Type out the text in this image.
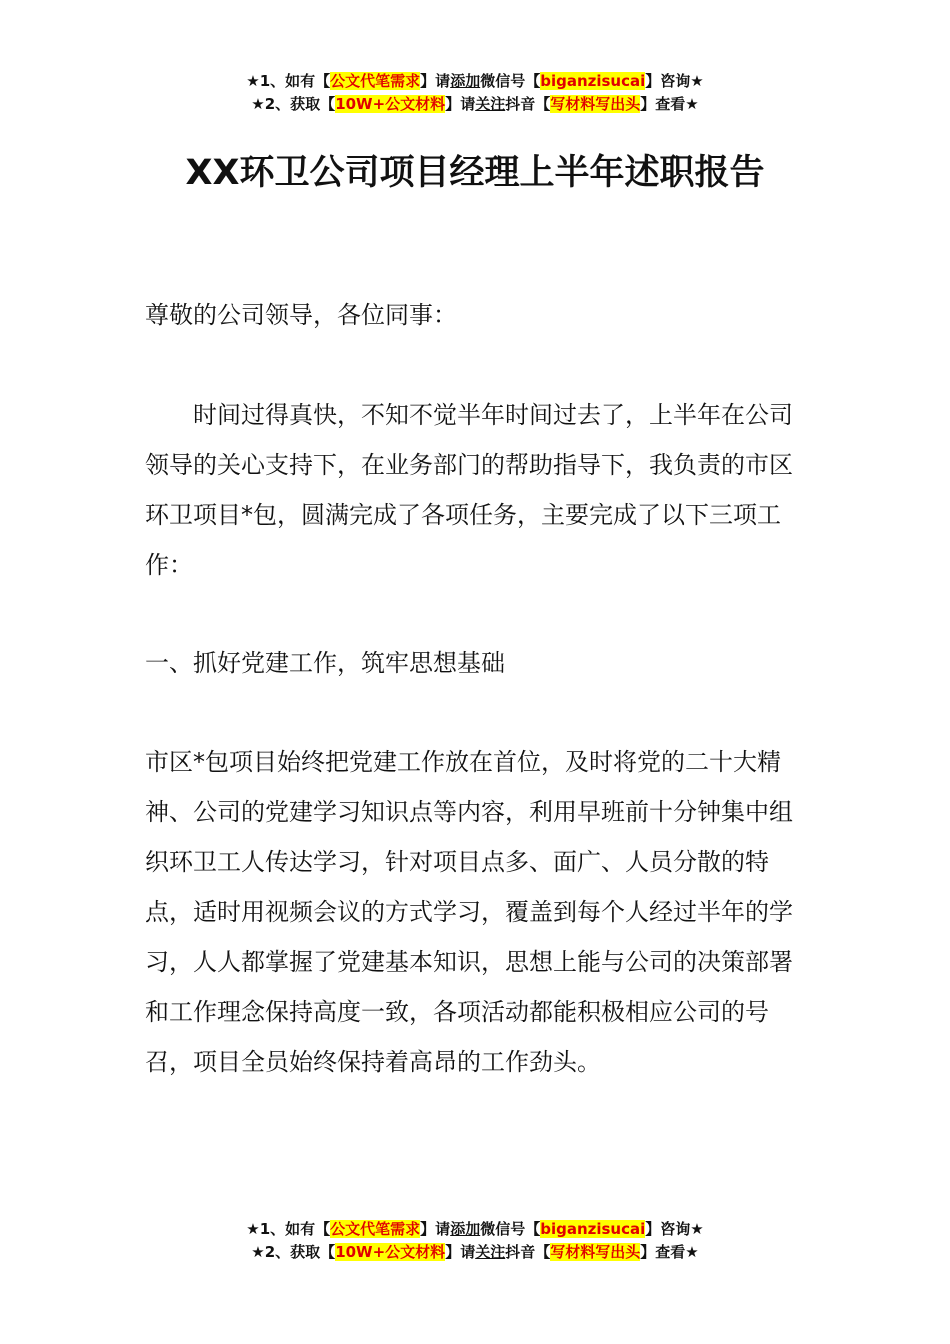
★1、如有【公文代笔需求】请添加微信号【biganzisucai】咨询★
★2、获取【10W+公文材料】请关注抖音【写材料写出头】查看★
XX环卫公司项目经理上半年述职报告

尊敬的公司领导，各位同事：

时间过得真快，不知不觉半年时间过去了，上半年在公司领导的关心支持下，在业务部门的帮助指导下，我负责的市区环卫项目*包，圆满完成了各项任务，主要完成了以下三项工作：

一、抓好党建工作，筑牢思想基础

市区*包项目始终把党建工作放在首位，及时将党的二十大精神、公司的党建学习知识点等内容，利用早班前十分钟集中组织环卫工人传达学习，针对项目点多、面广、人员分散的特点，适时用视频会议的方式学习，覆盖到每个人经过半年的学习，人人都掌握了党建基本知识，思想上能与公司的决策部署和工作理念保持高度一致，各项活动都能积极相应公司的号召，项目全员始终保持着高昂的工作劲头。

★1、如有【公文代笔需求】请添加微信号【biganzisucai】咨询★
★2、获取【10W+公文材料】请关注抖音【写材料写出头】查看★
